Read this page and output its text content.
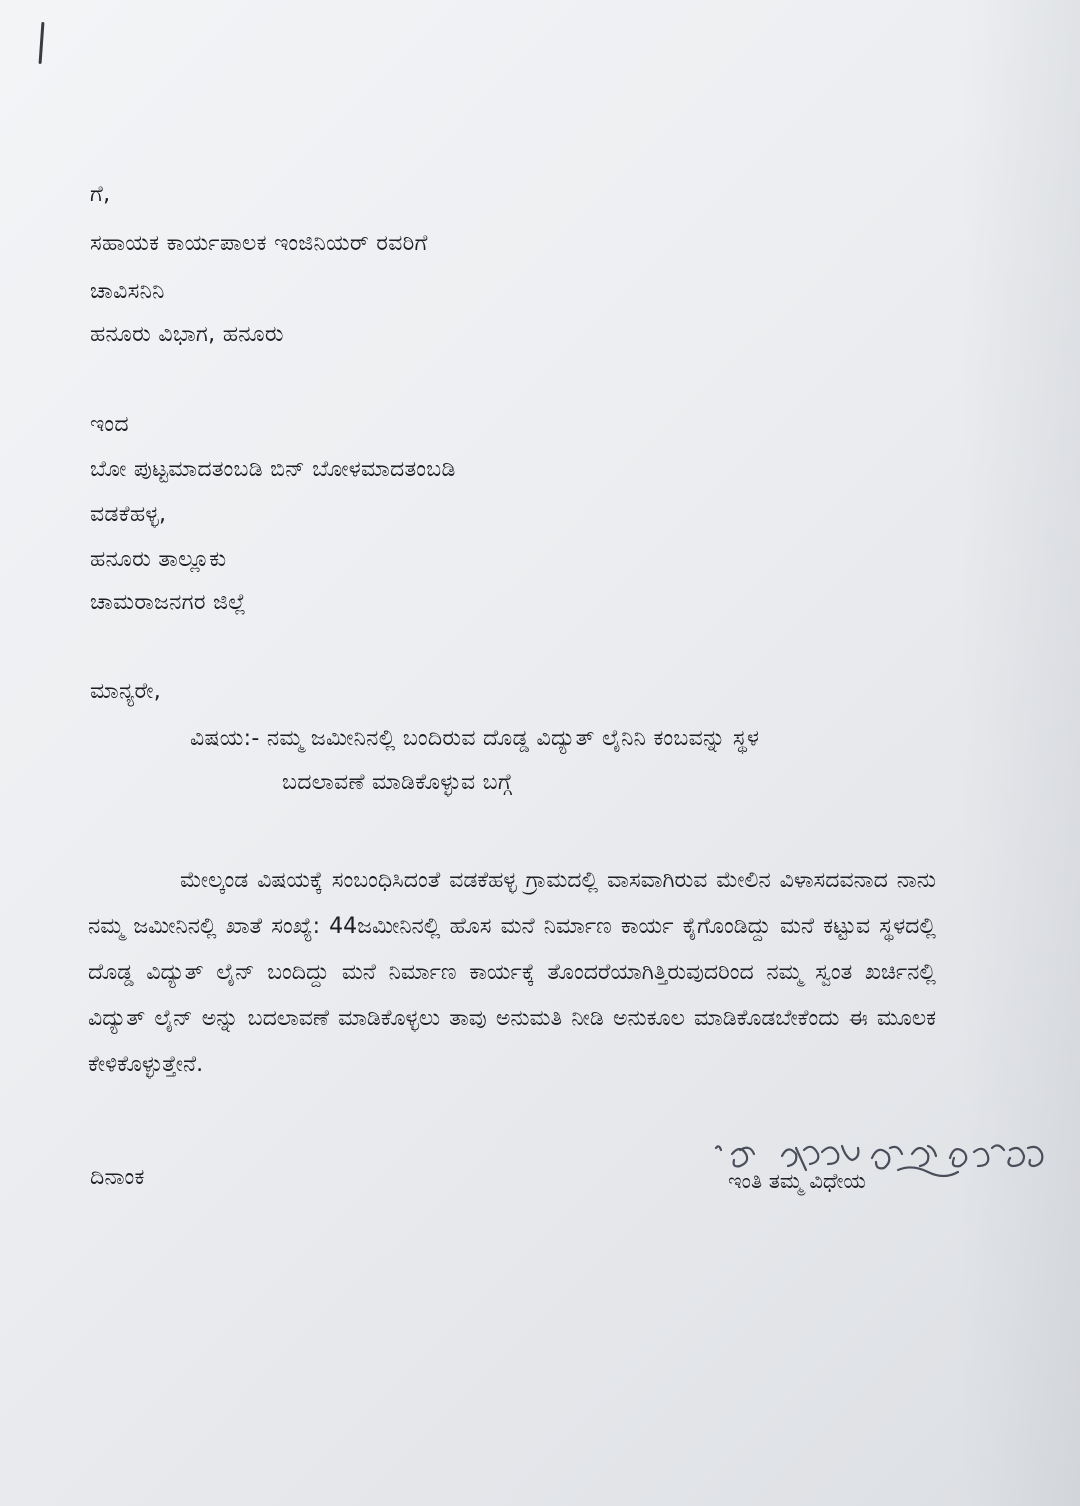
ಗೆ,
ಸಹಾಯಕ ಕಾರ್ಯಪಾಲಕ ಇಂಜಿನಿಯರ್ ರವರಿಗೆ
ಚಾವಿಸನಿನಿ
ಹನೂರು ವಿಭಾಗ, ಹನೂರು
ಇಂದ
ಬೋ ಪುಟ್ಟಮಾದತಂಬಡಿ ಬಿನ್ ಬೋಳಮಾದತಂಬಡಿ
ವಡಕೆಹಳ್ಳ,
ಹನೂರು ತಾಲ್ಲೂಕು
ಚಾಮರಾಜನಗರ ಜಿಲ್ಲೆ
ಮಾನ್ಯರೇ,
ವಿಷಯ:- ನಮ್ಮ ಜಮೀನಿನಲ್ಲಿ ಬಂದಿರುವ ದೊಡ್ಡ ವಿದ್ಯುತ್ ಲೈನಿನಿ ಕಂಬವನ್ನು ಸ್ಥಳ
ಬದಲಾವಣೆ ಮಾಡಿಕೊಳ್ಳುವ ಬಗ್ಗೆ
ಮೇಲ್ಕಂಡ ವಿಷಯಕ್ಕೆ ಸಂಬಂಧಿಸಿದಂತೆ ವಡಕೆಹಳ್ಳ ಗ್ರಾಮದಲ್ಲಿ ವಾಸವಾಗಿರುವ ಮೇಲಿನ ವಿಳಾಸದವನಾದ ನಾನು ನಮ್ಮ ಜಮೀನಿನಲ್ಲಿ ಖಾತೆ ಸಂಖ್ಯೆ: 44ಜಮೀನಿನಲ್ಲಿ ಹೊಸ ಮನೆ ನಿರ್ಮಾಣ ಕಾರ್ಯ ಕೈಗೊಂಡಿದ್ದು ಮನೆ ಕಟ್ಟುವ ಸ್ಥಳದಲ್ಲಿ ದೊಡ್ಡ ವಿದ್ಯುತ್ ಲೈನ್ ಬಂದಿದ್ದು ಮನೆ ನಿರ್ಮಾಣ ಕಾರ್ಯಕ್ಕೆ ತೊಂದರೆಯಾಗಿತ್ತಿರುವುದರಿಂದ ನಮ್ಮ ಸ್ವಂತ ಖರ್ಚಿನಲ್ಲಿ ವಿದ್ಯುತ್ ಲೈನ್ ಅನ್ನು ಬದಲಾವಣೆ ಮಾಡಿಕೊಳ್ಳಲು ತಾವು ಅನುಮತಿ ನೀಡಿ ಅನುಕೂಲ ಮಾಡಿಕೊಡಬೇಕೆಂದು ಈ ಮೂಲಕ ಕೇಳಿಕೊಳ್ಳುತ್ತೇನೆ.
ದಿನಾಂಕ	ಇಂತಿ ತಮ್ಮ ವಿಧೇಯ
